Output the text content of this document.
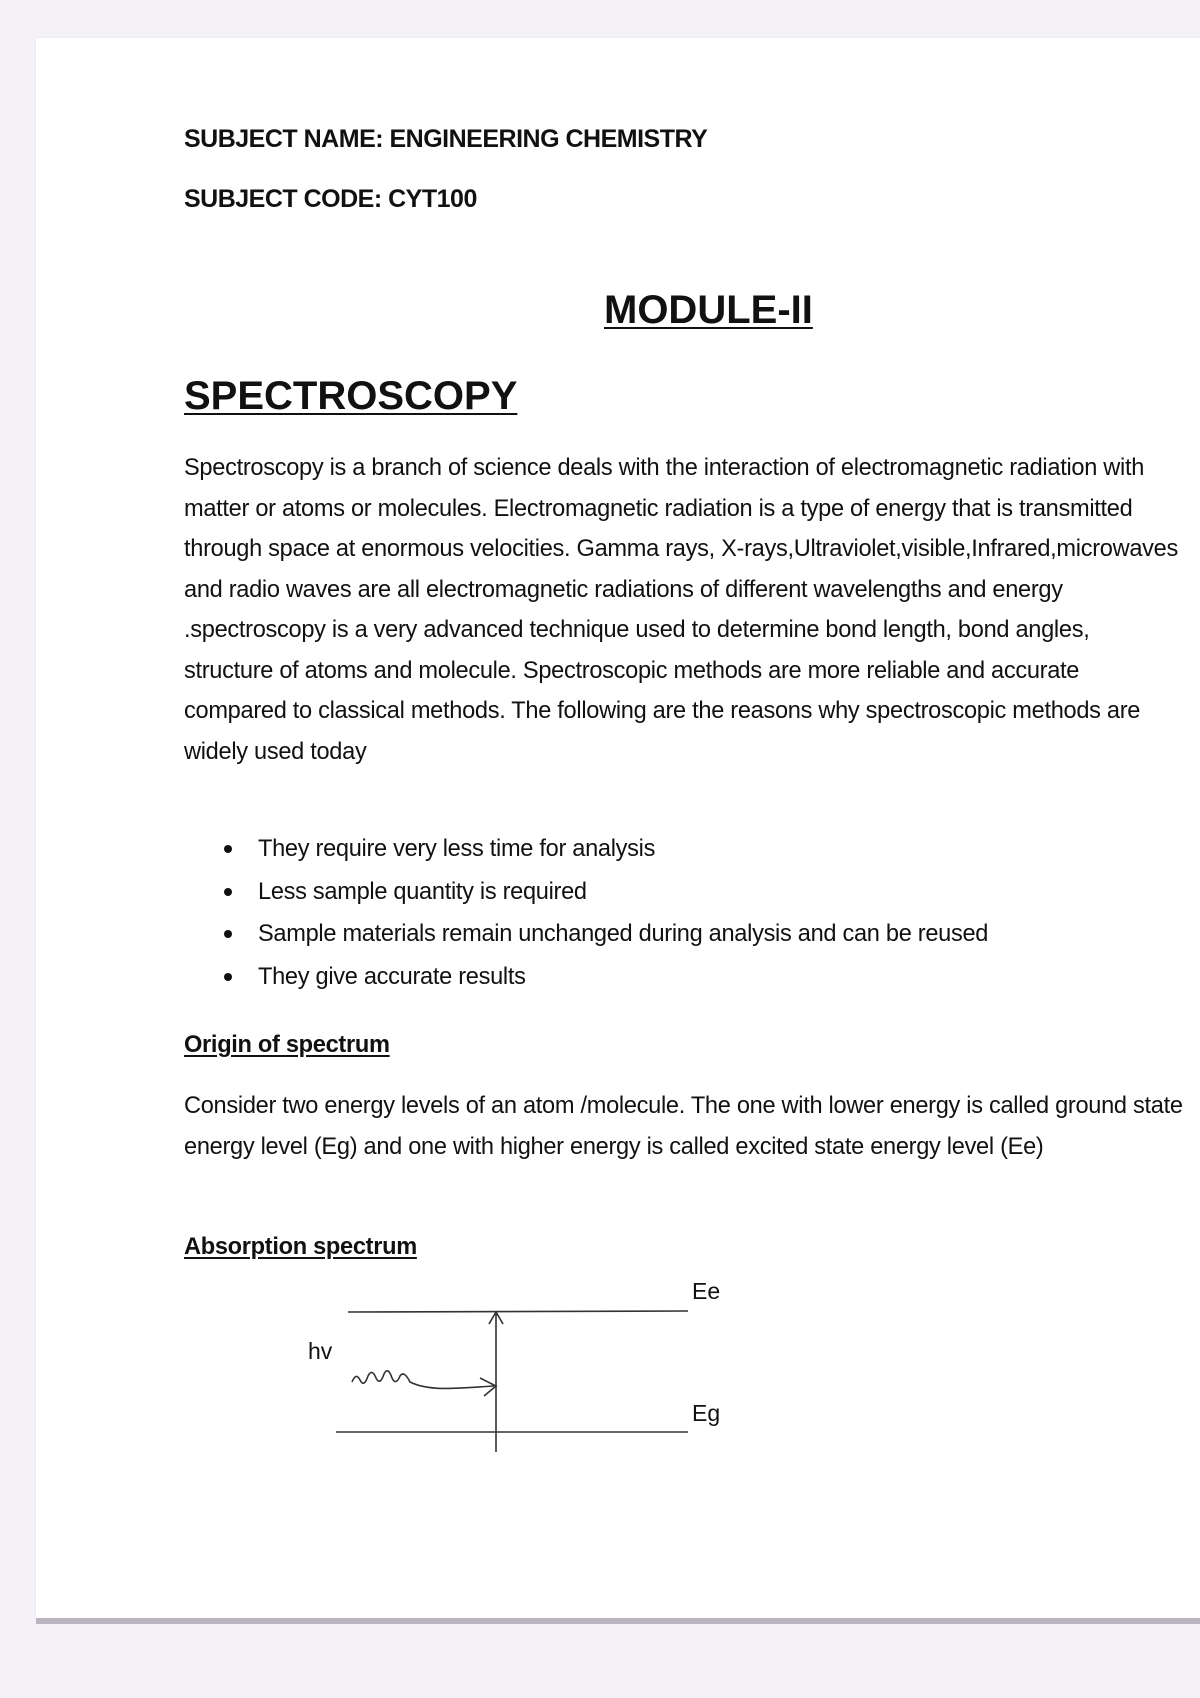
SUBJECT NAME: ENGINEERING CHEMISTRY

SUBJECT CODE: CYT100

MODULE-II
SPECTROSCOPY

Spectroscopy is a branch of science deals with the interaction of electromagnetic radiation with matter or atoms or molecules. Electromagnetic radiation is a type of energy that is transmitted through space at enormous velocities. Gamma rays, X-rays,Ultraviolet,visible,Infrared,microwaves and radio waves are all electromagnetic radiations of different wavelengths and energy .spectroscopy is a very advanced technique used to determine bond length, bond angles, structure of atoms and molecule. Spectroscopic methods are more reliable and accurate compared to classical methods. The following are the reasons why spectroscopic methods are widely used today

They require very less time for analysis
Less sample quantity is required
Sample materials remain unchanged during analysis and can be reused
They give accurate results
Origin of spectrum

Consider two energy levels of an atom /molecule. The one with lower energy is called ground state energy level (Eg) and one with higher energy is called excited state energy level (Ee)

Absorption spectrum
Ee
Eg
hv
